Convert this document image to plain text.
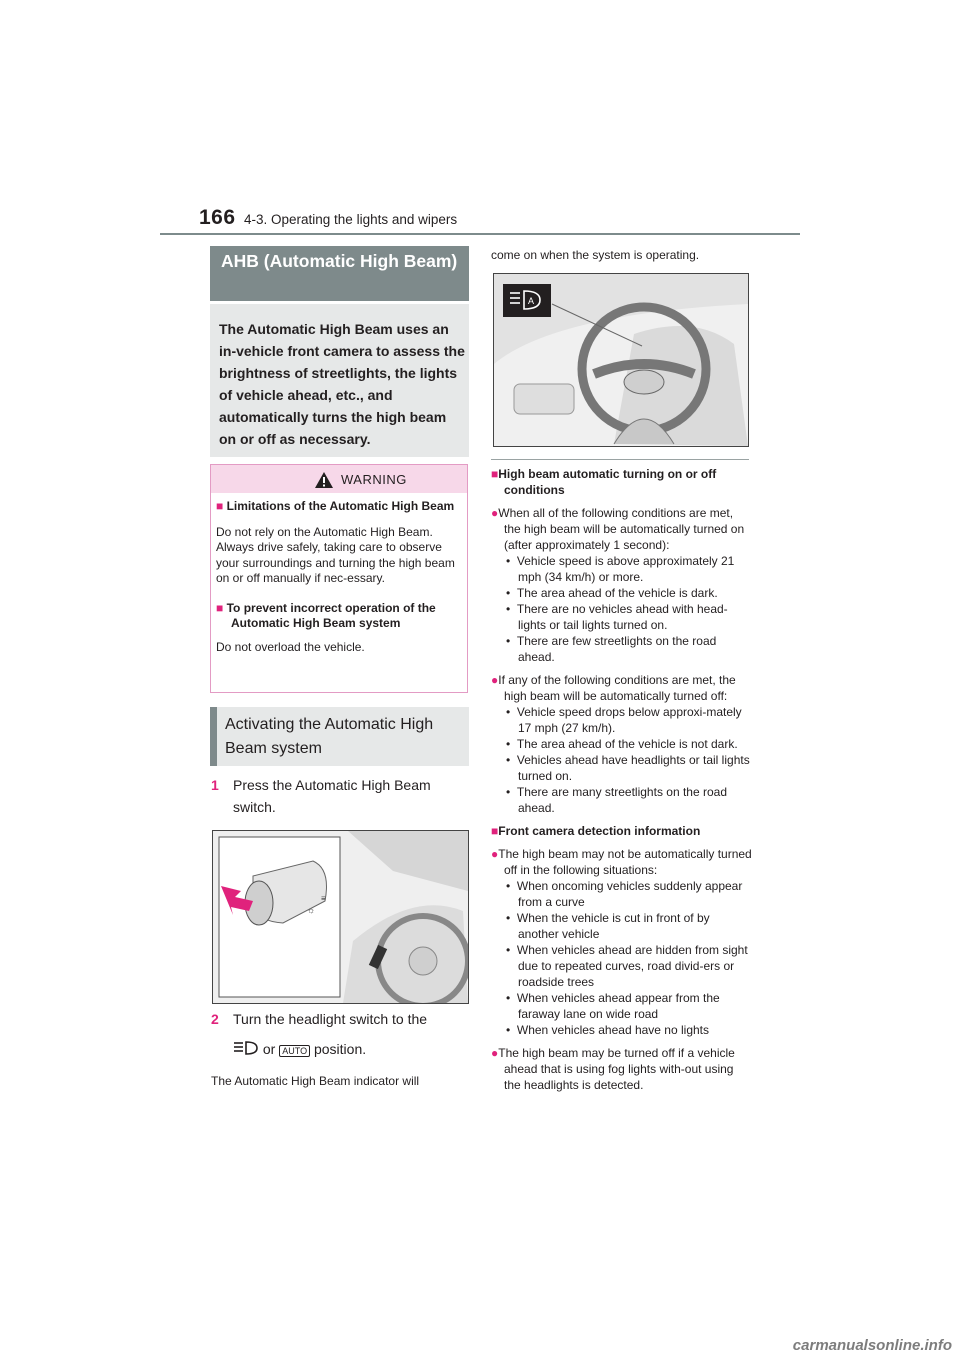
166 4-3. Operating the lights and wipers
AHB (Automatic High Beam)
The Automatic High Beam uses an in-vehicle front camera to assess the brightness of streetlights, the lights of vehicle ahead, etc., and automatically turns the high beam on or off as necessary.
WARNING
■ Limitations of the Automatic High Beam

Do not rely on the Automatic High Beam. Always drive safely, taking care to observe your surroundings and turning the high beam on or off manually if nec-essary.

■ To prevent incorrect operation of the Automatic High Beam system

Do not overload the vehicle.

Activating the Automatic High Beam system
1 Press the Automatic High Beam switch.
☼
≡
2 Turn the headlight switch to the
or AUTO position.
The Automatic High Beam indicator will
come on when the system is operating.
A

■High beam automatic turning on or off conditions

●When all of the following conditions are met, the high beam will be automatically turned on (after approximately 1 second):

•  Vehicle speed is above approximately 21 mph (34 km/h) or more.

•  The area ahead of the vehicle is dark.

•  There are no vehicles ahead with head-lights or tail lights turned on.

•  There are few streetlights on the road ahead.

●If any of the following conditions are met, the high beam will be automatically turned off:

•  Vehicle speed drops below approxi-mately 17 mph (27 km/h).

•  The area ahead of the vehicle is not dark.

•  Vehicles ahead have headlights or tail lights turned on.

•  There are many streetlights on the road ahead.

■Front camera detection information

●The high beam may not be automatically turned off in the following situations:

•  When oncoming vehicles suddenly appear from a curve

•  When the vehicle is cut in front of by another vehicle

•  When vehicles ahead are hidden from sight due to repeated curves, road divid-ers or roadside trees

•  When vehicles ahead appear from the faraway lane on wide road

•  When vehicles ahead have no lights

●The high beam may be turned off if a vehicle ahead that is using fog lights with-out using the headlights is detected.

carmanualsonline.info
